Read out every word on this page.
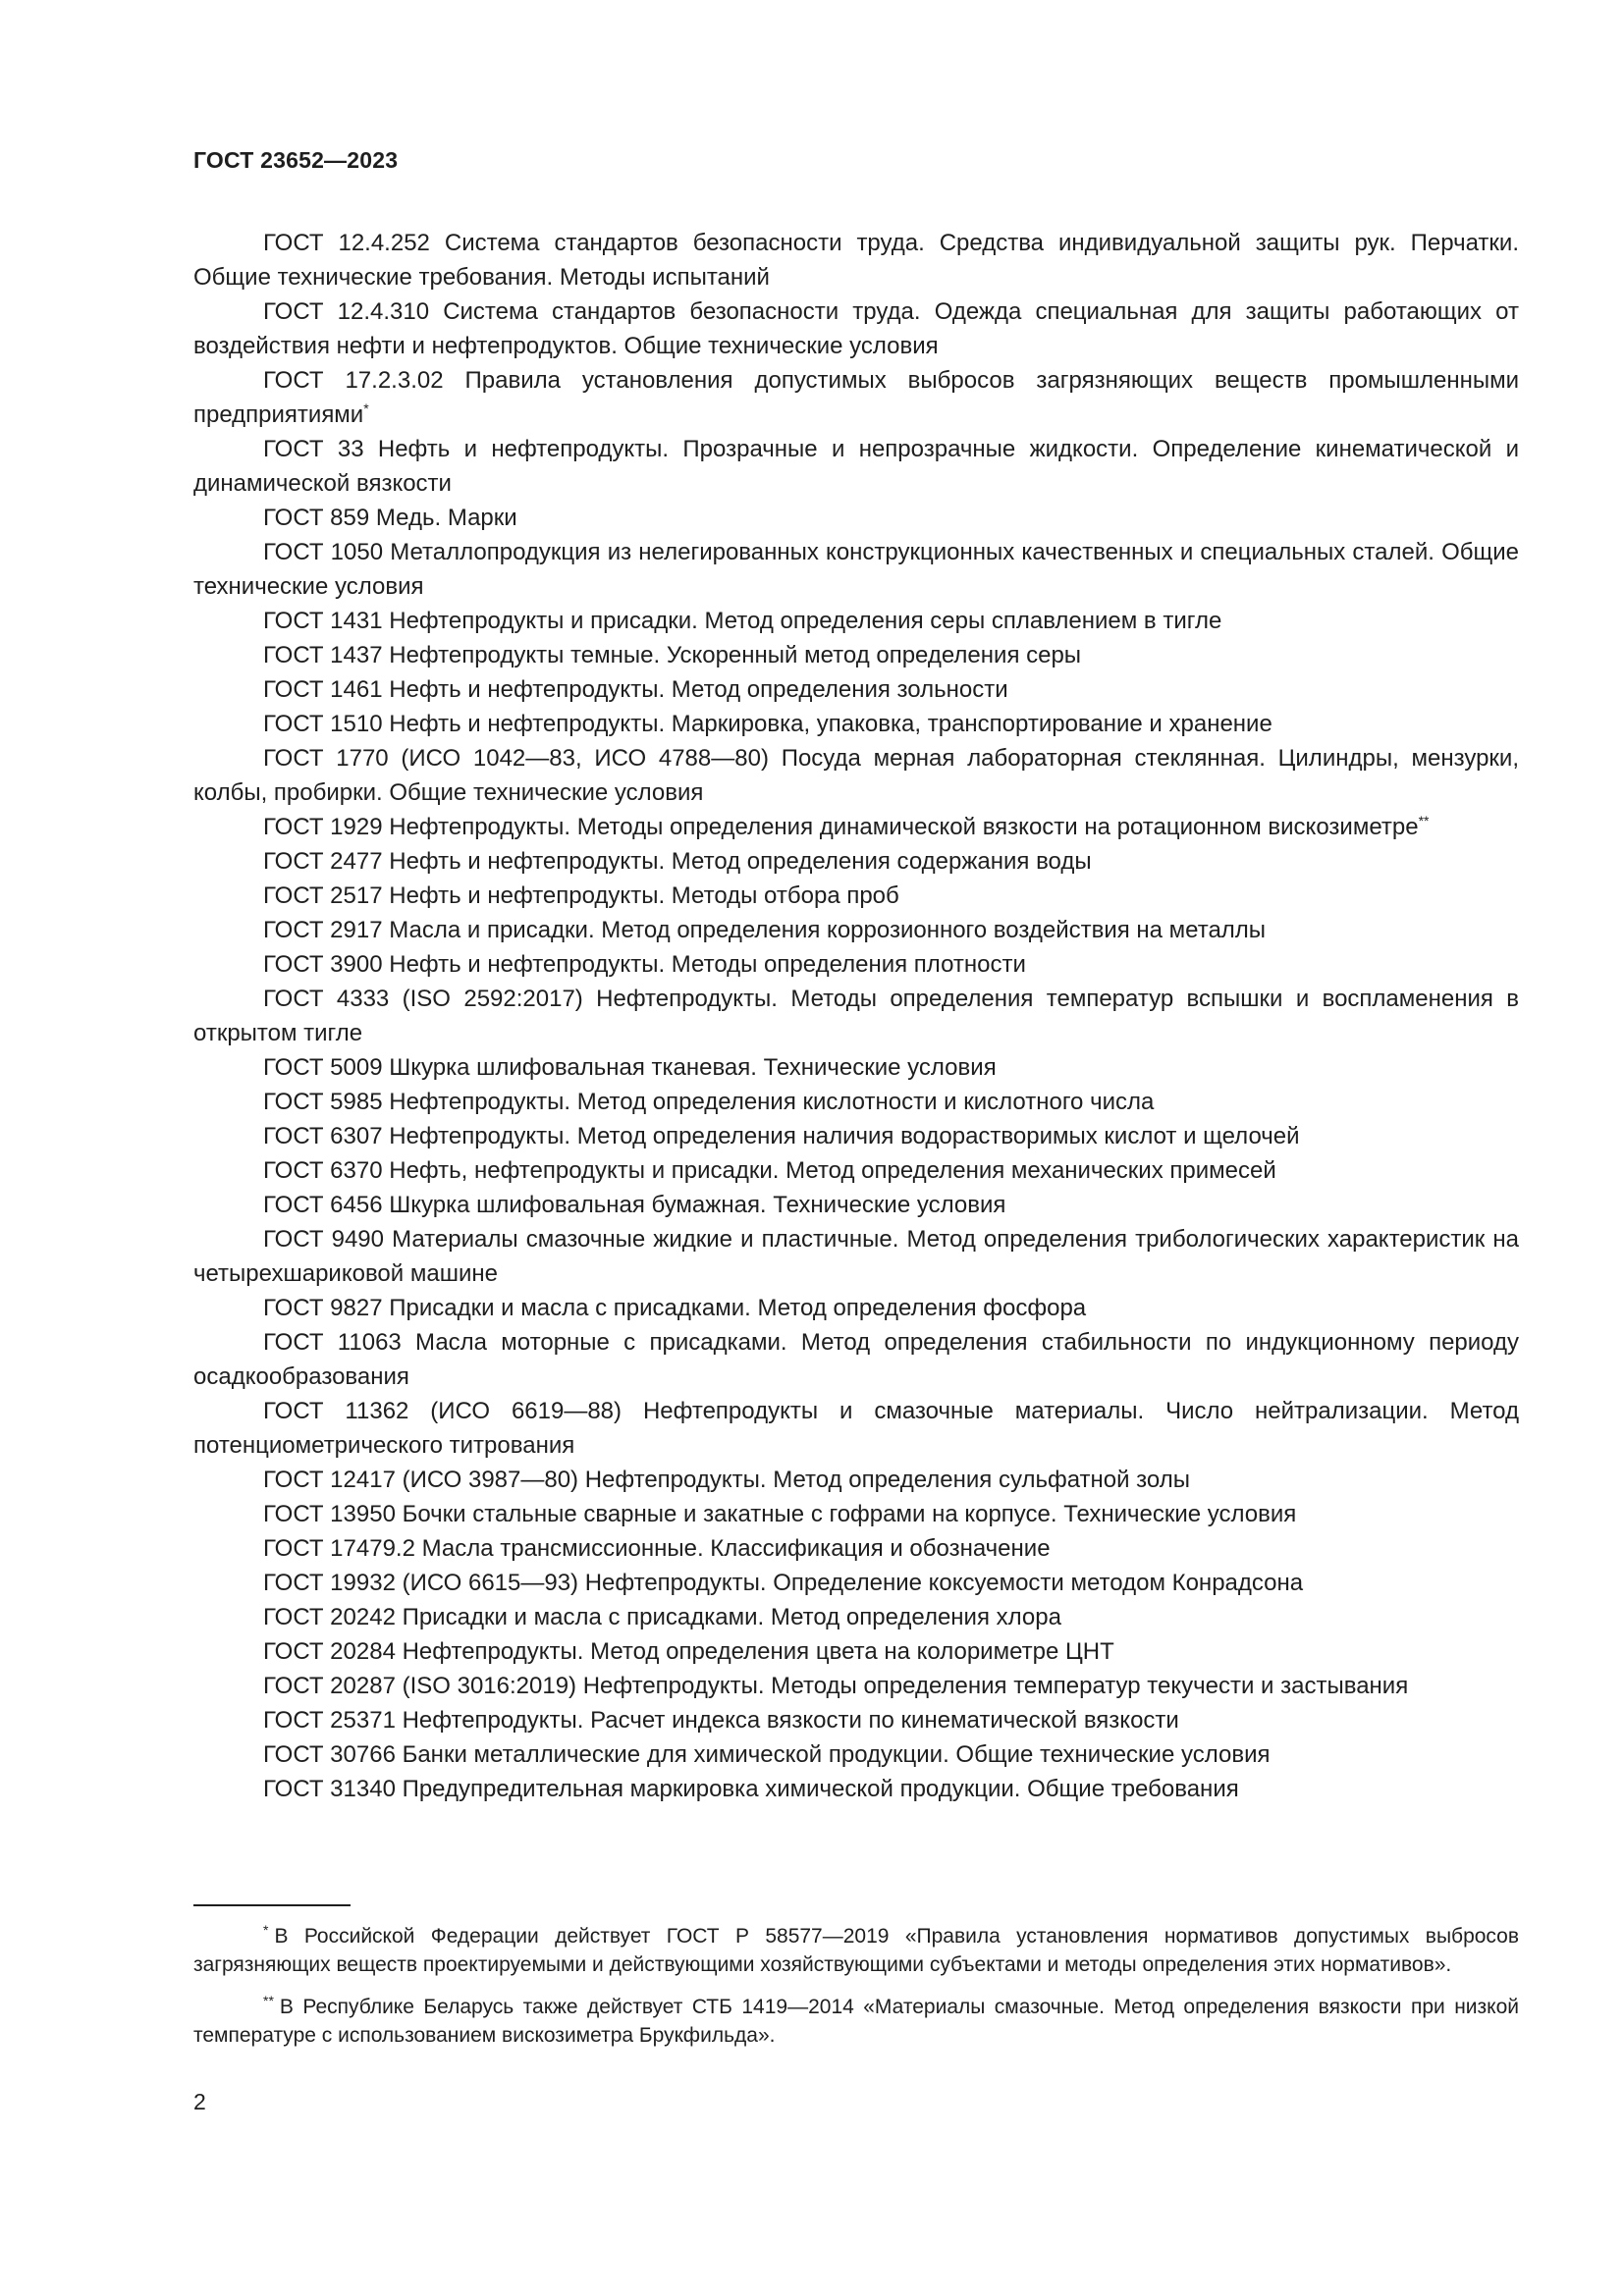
ГОСТ 23652—2023

ГОСТ 12.4.252 Система стандартов безопасности труда. Средства индивидуальной защиты рук. Перчатки. Общие технические требования. Методы испытаний

ГОСТ 12.4.310 Система стандартов безопасности труда. Одежда специальная для защиты работающих от воздействия нефти и нефтепродуктов. Общие технические условия

ГОСТ 17.2.3.02 Правила установления допустимых выбросов загрязняющих веществ промышленными предприятиями*

ГОСТ 33 Нефть и нефтепродукты. Прозрачные и непрозрачные жидкости. Определение кинематической и динамической вязкости

ГОСТ 859 Медь. Марки

ГОСТ 1050 Металлопродукция из нелегированных конструкционных качественных и специальных сталей. Общие технические условия

ГОСТ 1431 Нефтепродукты и присадки. Метод определения серы сплавлением в тигле

ГОСТ 1437 Нефтепродукты темные. Ускоренный метод определения серы

ГОСТ 1461 Нефть и нефтепродукты. Метод определения зольности

ГОСТ 1510 Нефть и нефтепродукты. Маркировка, упаковка, транспортирование и хранение

ГОСТ 1770 (ИСО 1042—83, ИСО 4788—80) Посуда мерная лабораторная стеклянная. Цилиндры, мензурки, колбы, пробирки. Общие технические условия

ГОСТ 1929 Нефтепродукты. Методы определения динамической вязкости на ротационном вискозиметре**

ГОСТ 2477 Нефть и нефтепродукты. Метод определения содержания воды

ГОСТ 2517 Нефть и нефтепродукты. Методы отбора проб

ГОСТ 2917 Масла и присадки. Метод определения коррозионного воздействия на металлы

ГОСТ 3900 Нефть и нефтепродукты. Методы определения плотности

ГОСТ 4333 (ISO 2592:2017) Нефтепродукты. Методы определения температур вспышки и воспламенения в открытом тигле

ГОСТ 5009 Шкурка шлифовальная тканевая. Технические условия

ГОСТ 5985 Нефтепродукты. Метод определения кислотности и кислотного числа

ГОСТ 6307 Нефтепродукты. Метод определения наличия водорастворимых кислот и щелочей

ГОСТ 6370 Нефть, нефтепродукты и присадки. Метод определения механических примесей

ГОСТ 6456 Шкурка шлифовальная бумажная. Технические условия

ГОСТ 9490 Материалы смазочные жидкие и пластичные. Метод определения трибологических характеристик на четырехшариковой машине

ГОСТ 9827 Присадки и масла с присадками. Метод определения фосфора

ГОСТ 11063 Масла моторные с присадками. Метод определения стабильности по индукционному периоду осадкообразования

ГОСТ 11362 (ИСО 6619—88) Нефтепродукты и смазочные материалы. Число нейтрализации. Метод потенциометрического титрования

ГОСТ 12417 (ИСО 3987—80) Нефтепродукты. Метод определения сульфатной золы

ГОСТ 13950 Бочки стальные сварные и закатные с гофрами на корпусе. Технические условия

ГОСТ 17479.2 Масла трансмиссионные. Классификация и обозначение

ГОСТ 19932 (ИСО 6615—93) Нефтепродукты. Определение коксуемости методом Конрадсона

ГОСТ 20242 Присадки и масла с присадками. Метод определения хлора

ГОСТ 20284 Нефтепродукты. Метод определения цвета на колориметре ЦНТ

ГОСТ 20287 (ISO 3016:2019) Нефтепродукты. Методы определения температур текучести и застывания

ГОСТ 25371 Нефтепродукты. Расчет индекса вязкости по кинематической вязкости

ГОСТ 30766 Банки металлические для химической продукции. Общие технические условия

ГОСТ 31340 Предупредительная маркировка химической продукции. Общие требования

* В Российской Федерации действует ГОСТ Р 58577—2019 «Правила установления нормативов допустимых выбросов загрязняющих веществ проектируемыми и действующими хозяйствующими субъектами и методы определения этих нормативов».

** В Республике Беларусь также действует СТБ 1419—2014 «Материалы смазочные. Метод определения вязкости при низкой температуре с использованием вискозиметра Брукфильда».

2
